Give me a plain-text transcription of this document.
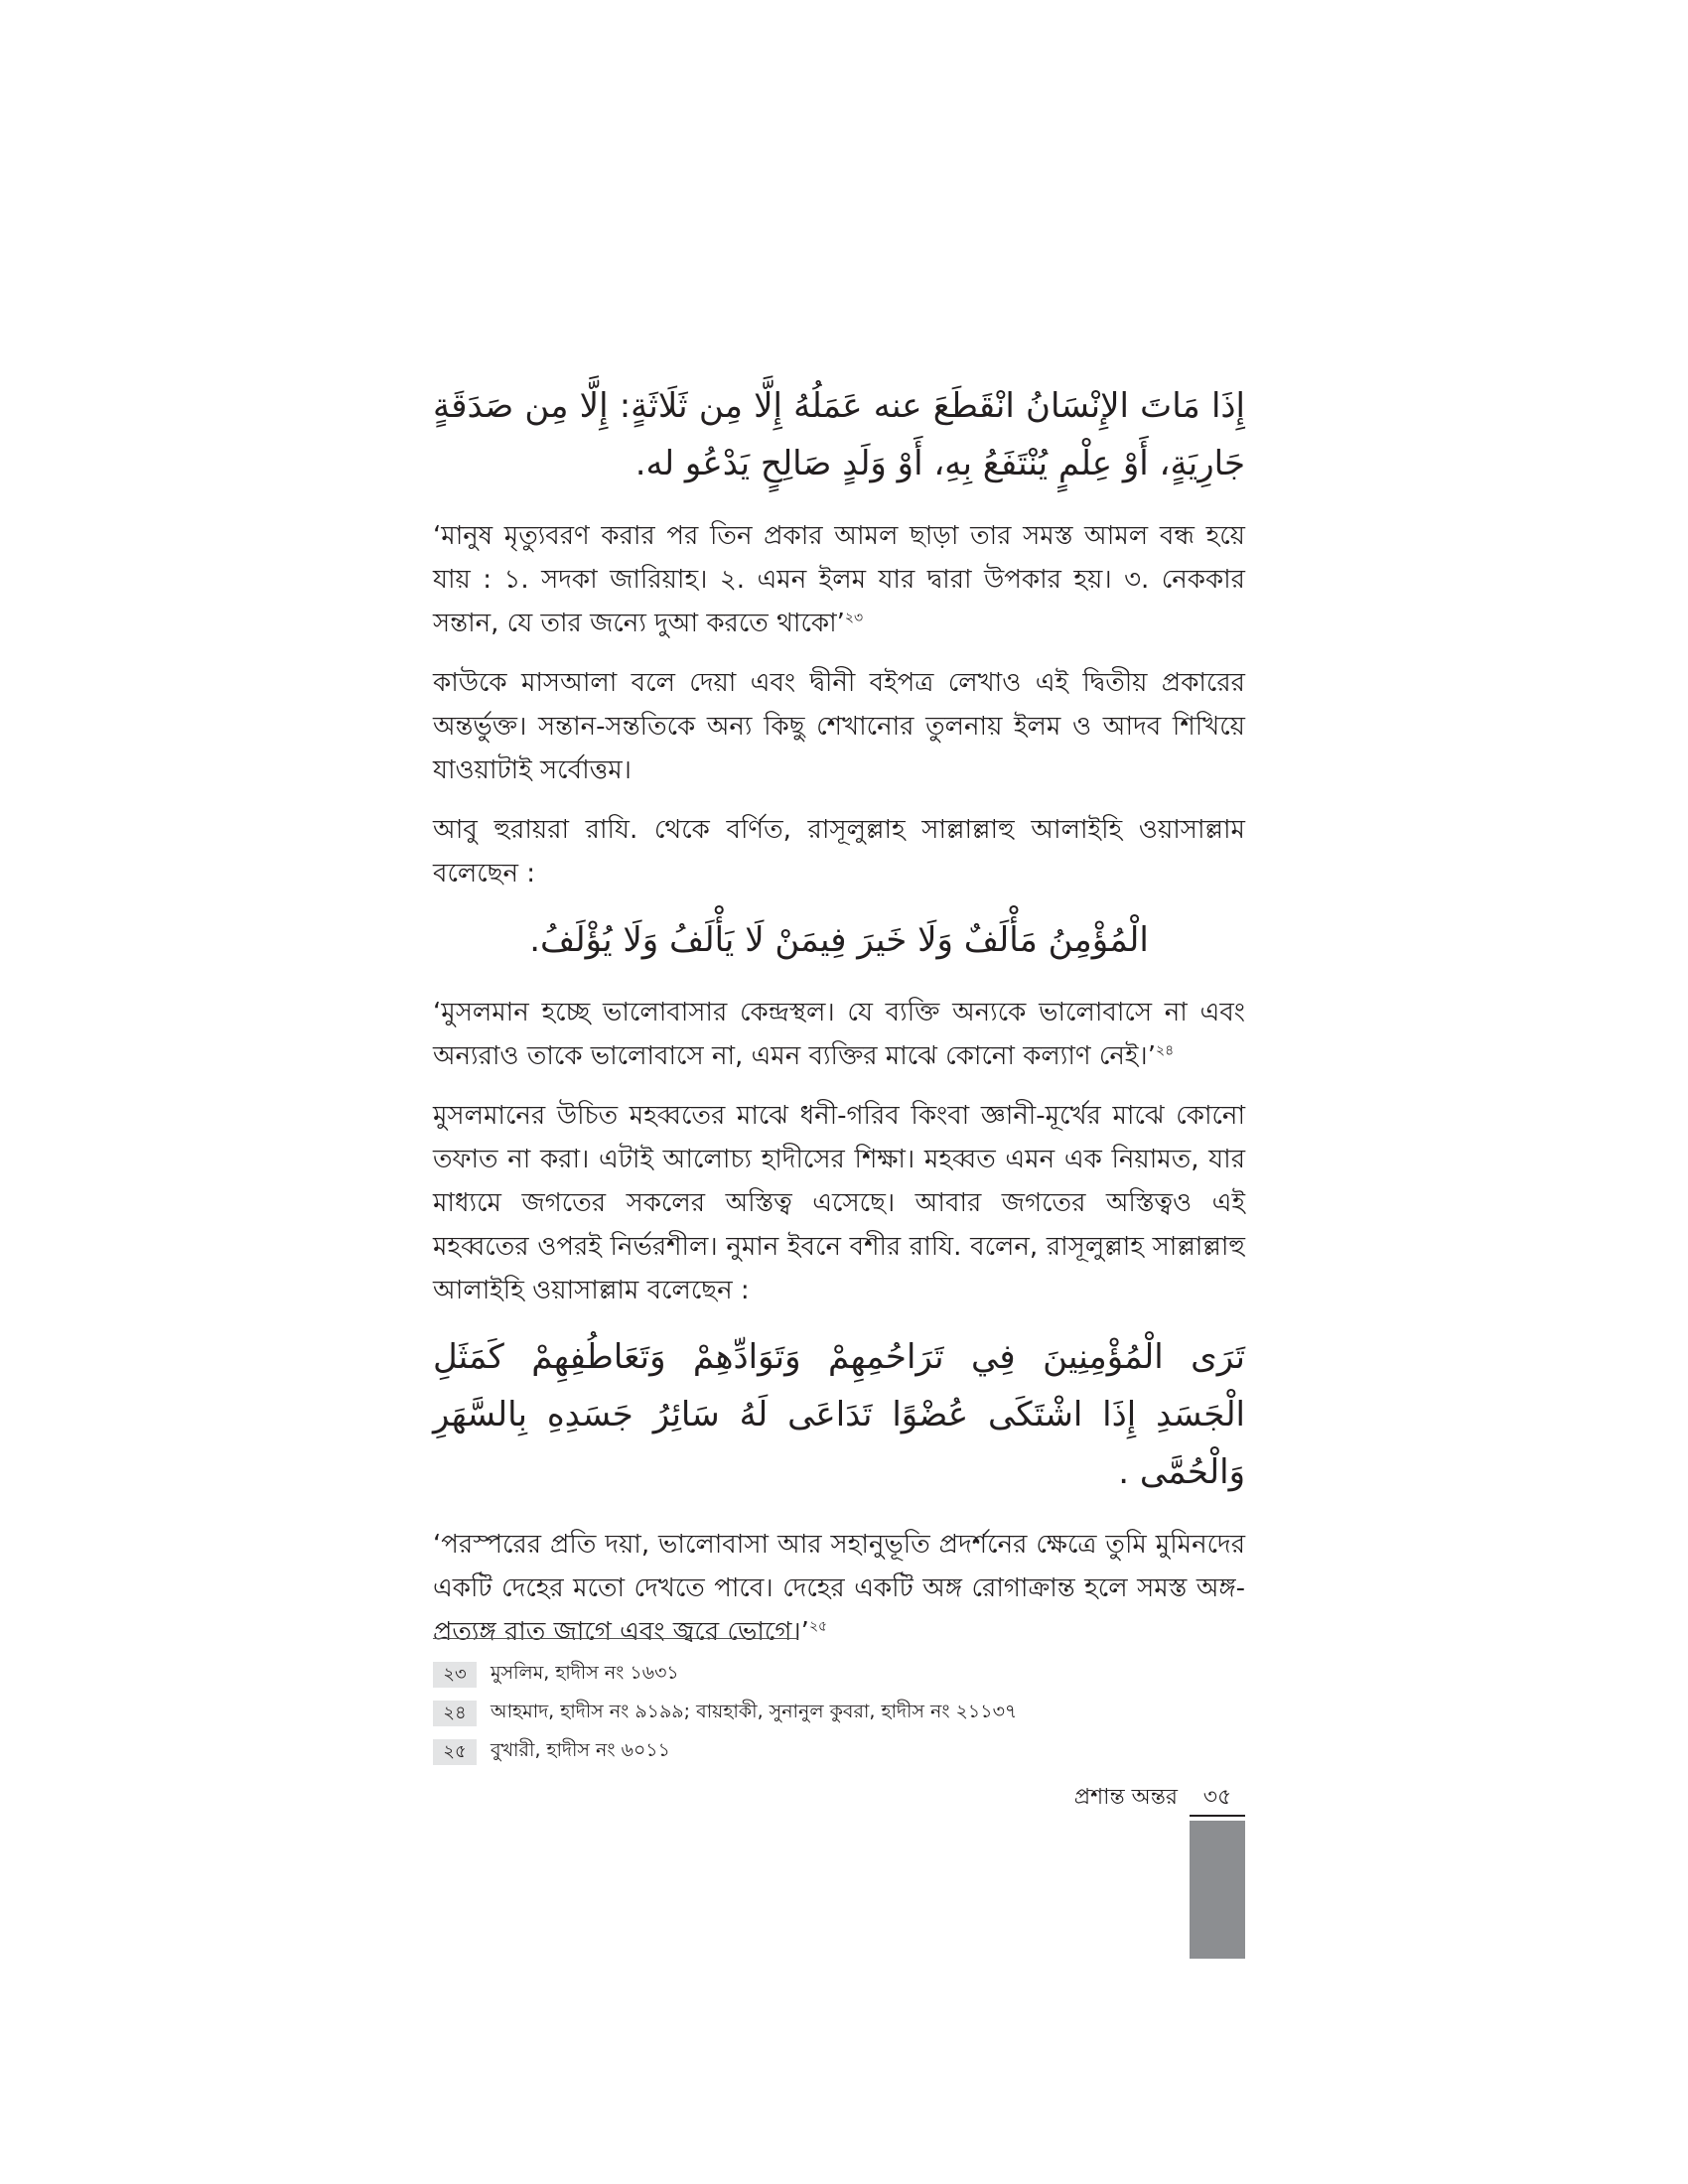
إِذَا مَاتَ الإِنْسَانُ انْقَطَعَ عنه عَمَلُهُ إِلَّا مِن ثَلَاثَةٍ: إِلَّا مِن صَدَقَةٍ جَارِيَةٍ، أَوْ عِلْمٍ يُنْتَفَعُ بِهِ، أَوْ وَلَدٍ صَالِحٍ يَدْعُو له.

‘মানুষ মৃত্যুবরণ করার পর তিন প্রকার আমল ছাড়া তার সমস্ত আমল বন্ধ হয়ে যায় : ১. সদকা জারিয়াহ। ২. এমন ইলম যার দ্বারা উপকার হয়। ৩. নেককার সন্তান, যে তার জন্যে দুআ করতে থাকো’$^{২৩}$

কাউকে মাসআলা বলে দেয়া এবং দ্বীনী বইপত্র লেখাও এই দ্বিতীয় প্রকারের অন্তর্ভুক্ত। সন্তান-সন্ততিকে অন্য কিছু শেখানোর তুলনায় ইলম ও আদব শিখিয়ে যাওয়াটাই সর্বোত্তম।

আবু হুরায়রা রাযি. থেকে বর্ণিত, রাসূলুল্লাহ সাল্লাল্লাহু আলাইহি ওয়াসাল্লাম বলেছেন :

الْمُؤْمِنُ مَأْلَفٌ وَلَا خَيرَ فِيمَنْ لَا يَأْلَفُ وَلَا يُؤْلَفُ.

‘মুসলমান হচ্ছে ভালোবাসার কেন্দ্রস্থল। যে ব্যক্তি অন্যকে ভালোবাসে না এবং অন্যরাও তাকে ভালোবাসে না, এমন ব্যক্তির মাঝে কোনো কল্যাণ নেই।’$^{২৪}$

মুসলমানের উচিত মহব্বতের মাঝে ধনী-গরিব কিংবা জ্ঞানী-মূর্খের মাঝে কোনো তফাত না করা। এটাই আলোচ্য হাদীসের শিক্ষা। মহব্বত এমন এক নিয়ামত, যার মাধ্যমে জগতের সকলের অস্তিত্ব এসেছে। আবার জগতের অস্তিত্বও এই মহব্বতের ওপরই নির্ভরশীল। নুমান ইবনে বশীর রাযি. বলেন, রাসূলুল্লাহ সাল্লাল্লাহু আলাইহি ওয়াসাল্লাম বলেছেন :

تَرَى الْمُؤْمِنِينَ فِي تَرَاحُمِهِمْ وَتَوَادِّهِمْ وَتَعَاطُفِهِمْ كَمَثَلِ الْجَسَدِ إِذَا اشْتَكَى عُضْوًا تَدَاعَى لَهُ سَائِرُ جَسَدِهِ بِالسَّهَرِ وَالْحُمَّى .

‘পরস্পরের প্রতি দয়া, ভালোবাসা আর সহানুভূতি প্রদর্শনের ক্ষেত্রে তুমি মুমিনদের একটি দেহের মতো দেখতে পাবে। দেহের একটি অঙ্গ রোগাক্রান্ত হলে সমস্ত অঙ্গ-প্রত্যঙ্গ রাত জাগে এবং জ্বরে ভোগে।’$^{২৫}$

২৩	মুসলিম, হাদীস নং ১৬৩১
২৪	আহমাদ, হাদীস নং ৯১৯৯; বায়হাকী, সুনানুল কুবরা, হাদীস নং ২১১৩৭
২৫	বুখারী, হাদীস নং ৬০১১
প্রশান্ত অন্তর	৩৫
